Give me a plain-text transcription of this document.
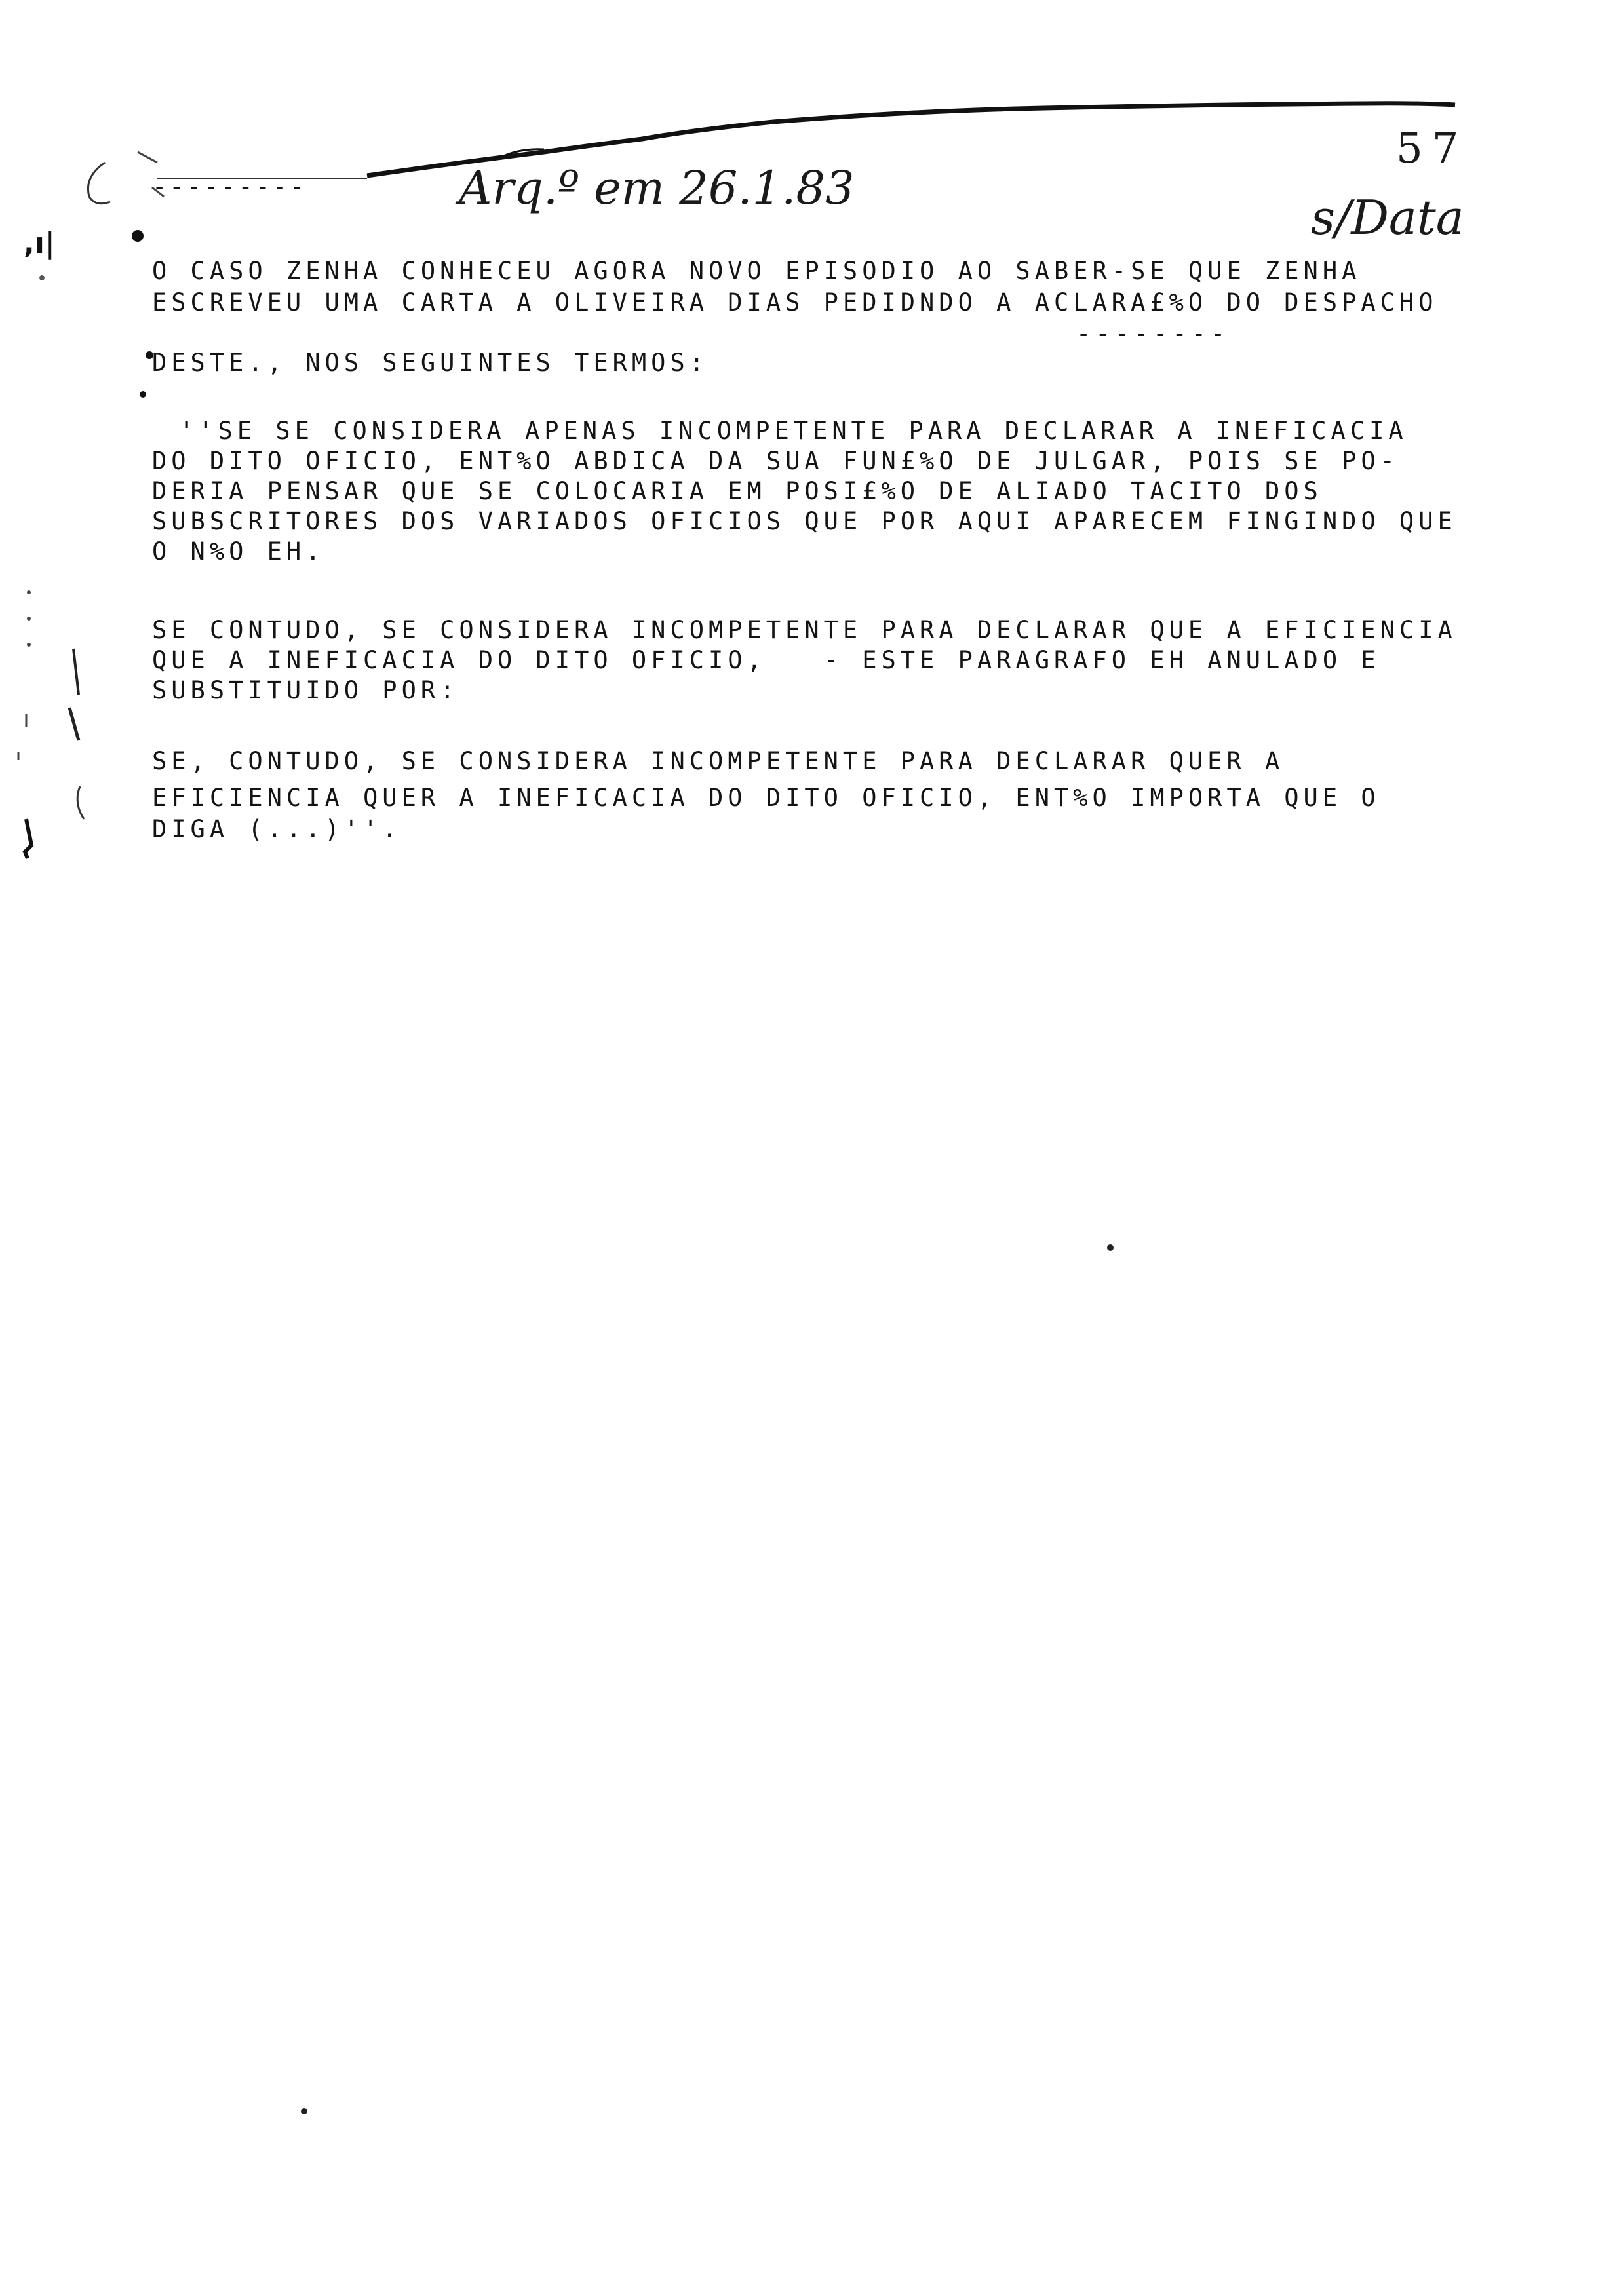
,ı|
---------	Arq.º em 26.1.83
57
s/Data
O CASO ZENHA CONHECEU AGORA NOVO EPISODIO AO SABER-SE QUE ZENHA
ESCREVEU UMA CARTA A OLIVEIRA DIAS PEDIDNDO A ACLARA£%O DO DESPACHO
--------
DESTE., NOS SEGUINTES TERMOS:
''SE SE CONSIDERA APENAS INCOMPETENTE PARA DECLARAR A INEFICACIA
DO DITO OFICIO, ENT%O ABDICA DA SUA FUN£%O DE JULGAR, POIS SE PO-
DERIA PENSAR QUE SE COLOCARIA EM POSI£%O DE ALIADO TACITO DOS
SUBSCRITORES DOS VARIADOS OFICIOS QUE POR AQUI APARECEM FINGINDO QUE
O N%O EH.
SE CONTUDO, SE CONSIDERA INCOMPETENTE PARA DECLARAR QUE A EFICIENCIA
QUE A INEFICACIA DO DITO OFICIO,   - ESTE PARAGRAFO EH ANULADO E
SUBSTITUIDO POR:
SE, CONTUDO, SE CONSIDERA INCOMPETENTE PARA DECLARAR QUER A
EFICIENCIA QUER A INEFICACIA DO DITO OFICIO, ENT%O IMPORTA QUE O
DIGA (...)''.
